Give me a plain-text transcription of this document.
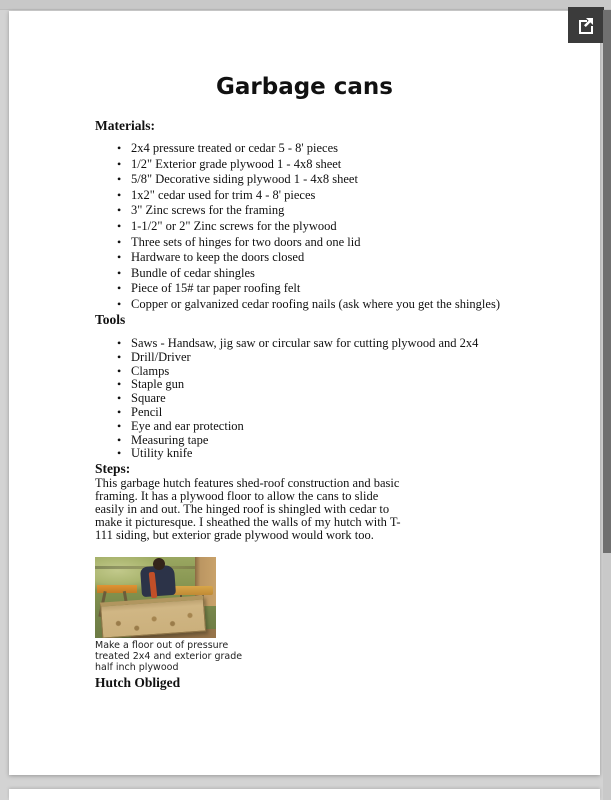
Garbage cans
Materials:
• 2x4 pressure treated or cedar 5 - 8' pieces
• 1/2" Exterior grade plywood 1 - 4x8 sheet
• 5/8" Decorative siding plywood 1 - 4x8 sheet
• 1x2" cedar used for trim 4 - 8' pieces
• 3" Zinc screws for the framing
• 1-1/2" or 2" Zinc screws for the plywood
• Three sets of hinges for two doors and one lid
• Hardware to keep the doors closed
• Bundle of cedar shingles
• Piece of 15# tar paper roofing felt
• Copper or galvanized cedar roofing nails (ask where you get the shingles)
Tools
• Saws - Handsaw, jig saw or circular saw for cutting plywood and 2x4
• Drill/Driver
• Clamps
• Staple gun
• Square
• Pencil
• Eye and ear protection
• Measuring tape
• Utility knife
Steps:
This garbage hutch features shed-roof construction and basic
framing. It has a plywood floor to allow the cans to slide
easily in and out. The hinged roof is shingled with cedar to
make it picturesque. I sheathed the walls of my hutch with T-
111 siding, but exterior grade plywood would work too.
Make a floor out of pressure
treated 2x4 and exterior grade
half inch plywood
Hutch Obliged
